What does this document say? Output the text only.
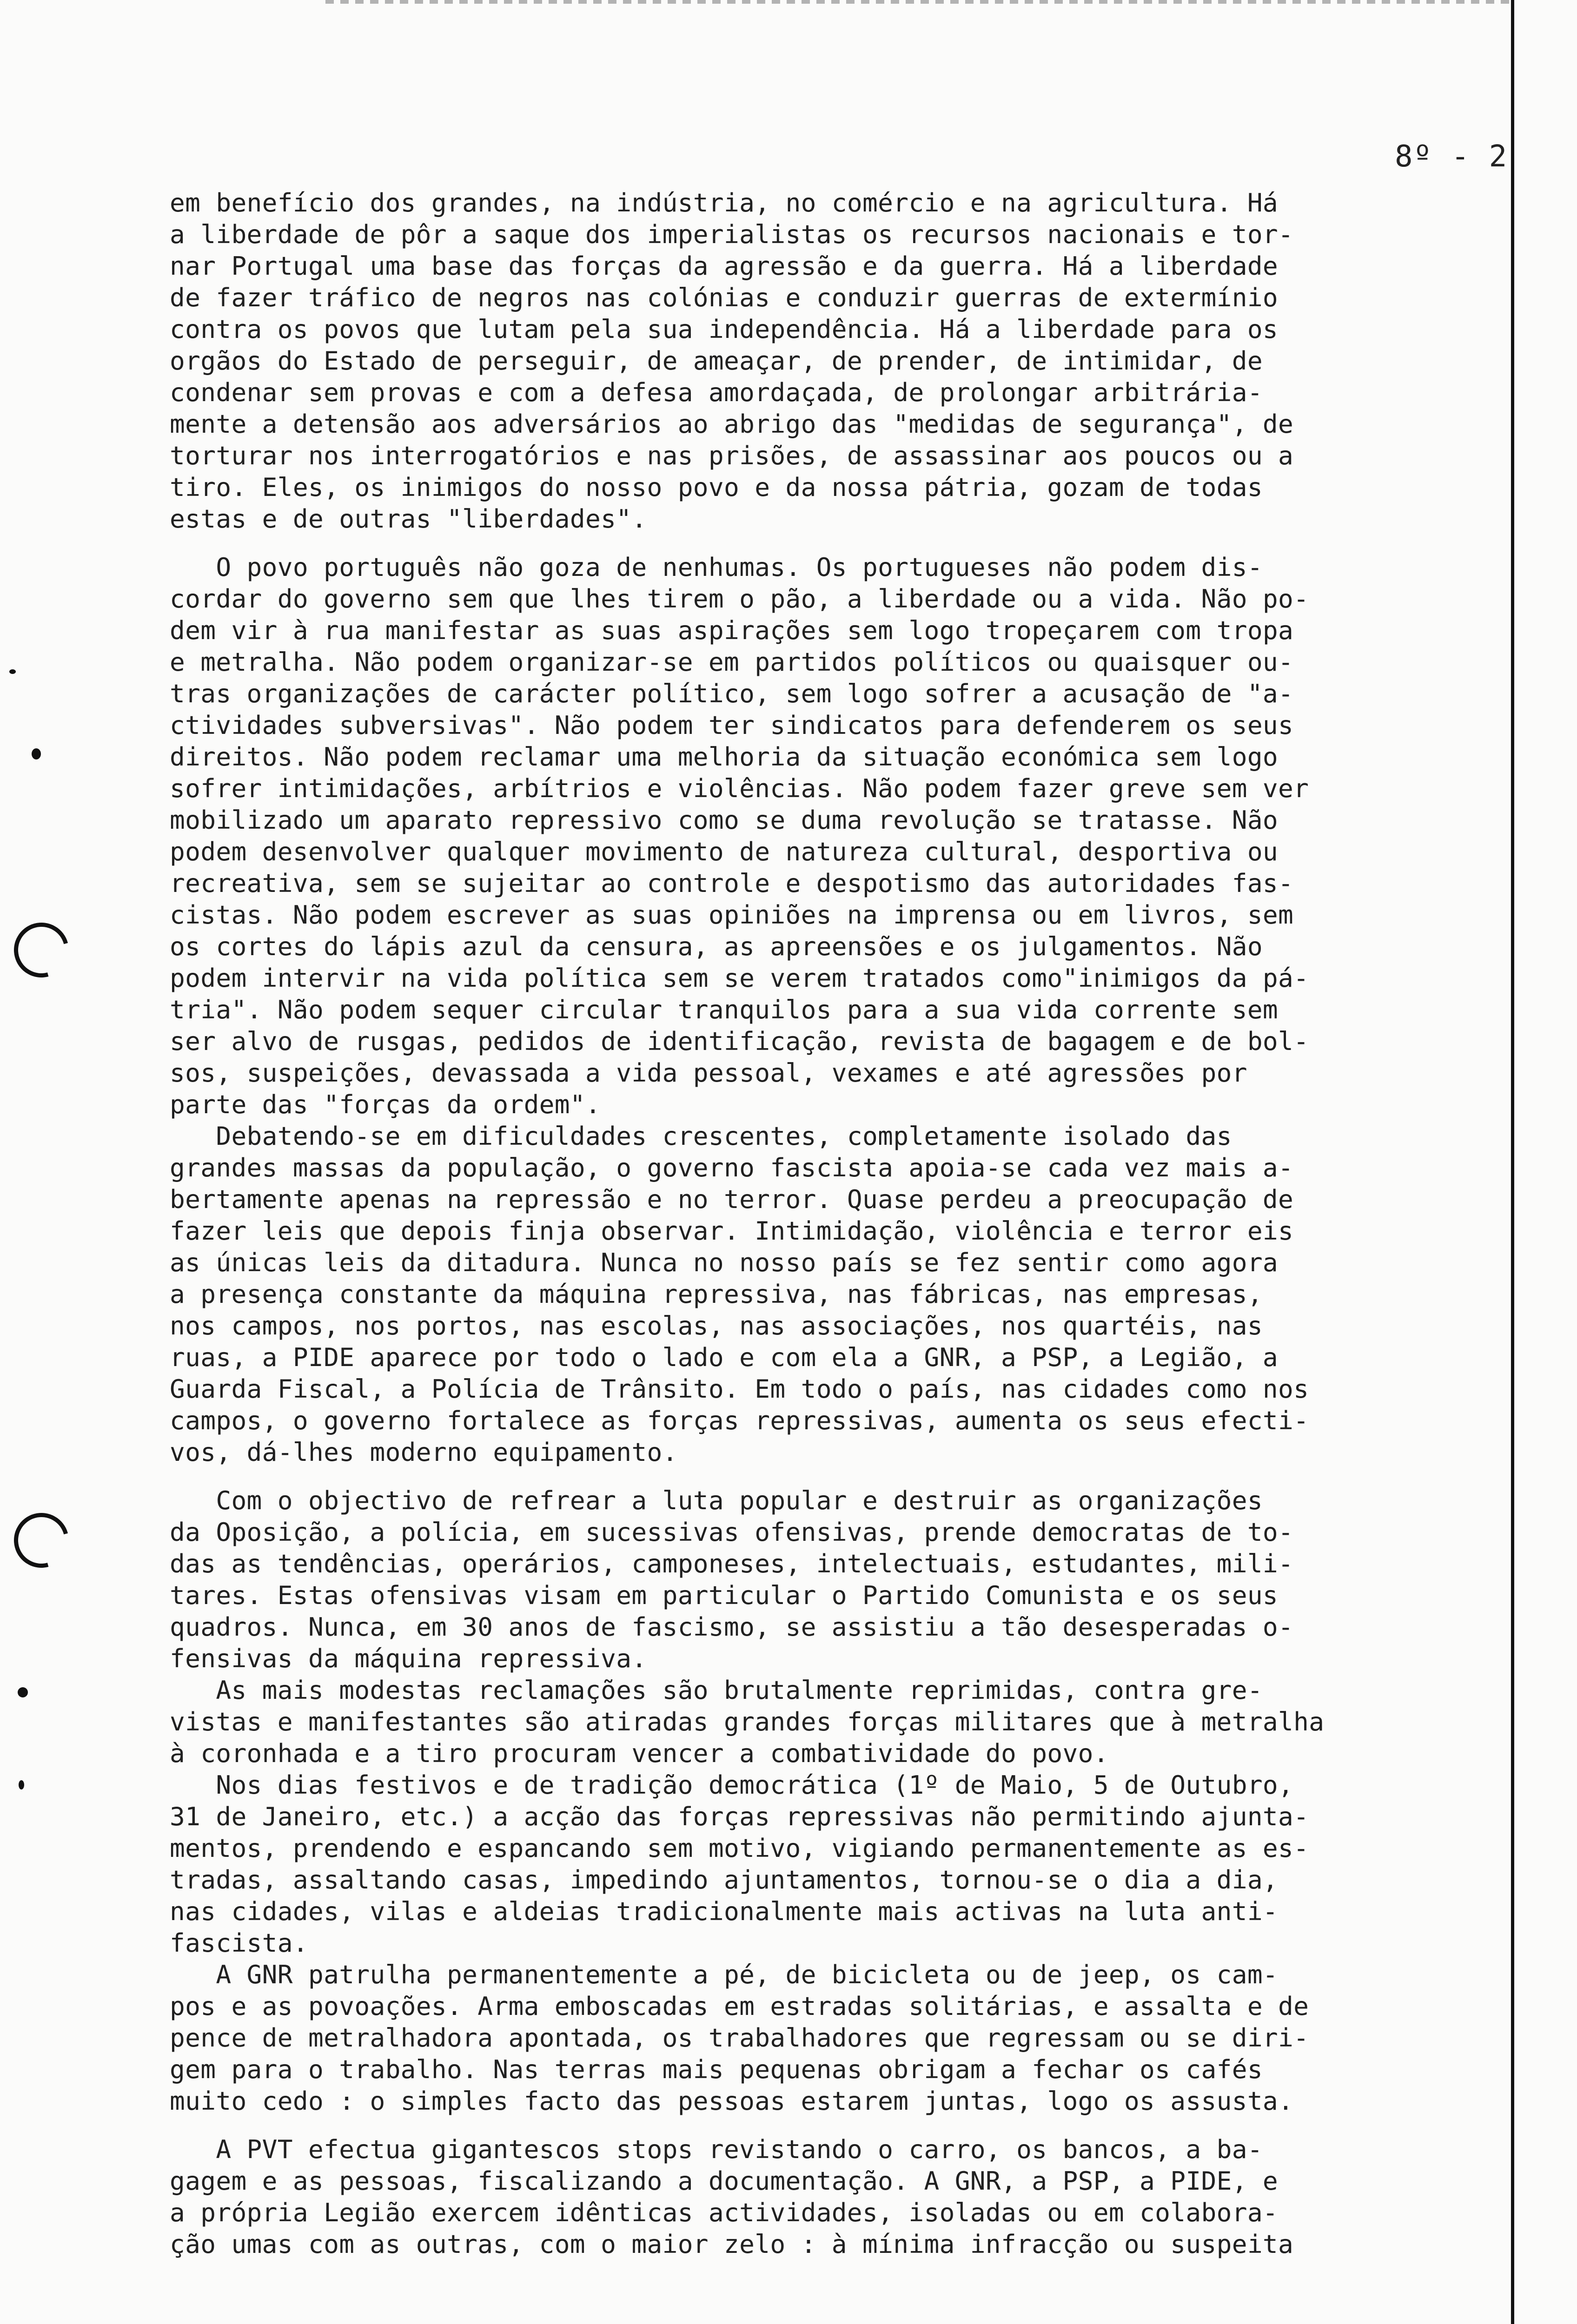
8º - 2
em benefício dos grandes, na indústria, no comércio e na agricultura. Há
a liberdade de pôr a saque dos imperialistas os recursos nacionais e tor-
nar Portugal uma base das forças da agressão e da guerra. Há a liberdade
de fazer tráfico de negros nas colónias e conduzir guerras de extermínio
contra os povos que lutam pela sua independência. Há a liberdade para os
orgãos do Estado de perseguir, de ameaçar, de prender, de intimidar, de
condenar sem provas e com a defesa amordaçada, de prolongar arbitrária-
mente a detensão aos adversários ao abrigo das "medidas de segurança", de
torturar nos interrogatórios e nas prisões, de assassinar aos poucos ou a
tiro. Eles, os inimigos do nosso povo e da nossa pátria, gozam de todas
estas e de outras "liberdades".
O povo português não goza de nenhumas. Os portugueses não podem dis-
cordar do governo sem que lhes tirem o pão, a liberdade ou a vida. Não po-
dem vir à rua manifestar as suas aspirações sem logo tropeçarem com tropa
e metralha. Não podem organizar-se em partidos políticos ou quaisquer ou-
tras organizações de carácter político, sem logo sofrer a acusação de "a-
ctividades subversivas". Não podem ter sindicatos para defenderem os seus
direitos. Não podem reclamar uma melhoria da situação económica sem logo
sofrer intimidações, arbítrios e violências. Não podem fazer greve sem ver
mobilizado um aparato repressivo como se duma revolução se tratasse. Não
podem desenvolver qualquer movimento de natureza cultural, desportiva ou
recreativa, sem se sujeitar ao controle e despotismo das autoridades fas-
cistas. Não podem escrever as suas opiniões na imprensa ou em livros, sem
os cortes do lápis azul da censura, as apreensões e os julgamentos. Não
podem intervir na vida política sem se verem tratados como"inimigos da pá-
tria". Não podem sequer circular tranquilos para a sua vida corrente sem
ser alvo de rusgas, pedidos de identificação, revista de bagagem e de bol-
sos, suspeições, devassada a vida pessoal, vexames e até agressões por
parte das "forças da ordem".
Debatendo-se em dificuldades crescentes, completamente isolado das
grandes massas da população, o governo fascista apoia-se cada vez mais a-
bertamente apenas na repressão e no terror. Quase perdeu a preocupação de
fazer leis que depois finja observar. Intimidação, violência e terror eis
as únicas leis da ditadura. Nunca no nosso país se fez sentir como agora
a presença constante da máquina repressiva, nas fábricas, nas empresas,
nos campos, nos portos, nas escolas, nas associações, nos quartéis, nas
ruas, a PIDE aparece por todo o lado e com ela a GNR, a PSP, a Legião, a
Guarda Fiscal, a Polícia de Trânsito. Em todo o país, nas cidades como nos
campos, o governo fortalece as forças repressivas, aumenta os seus efecti-
vos, dá-lhes moderno equipamento.
Com o objectivo de refrear a luta popular e destruir as organizações
da Oposição, a polícia, em sucessivas ofensivas, prende democratas de to-
das as tendências, operários, camponeses, intelectuais, estudantes, mili-
tares. Estas ofensivas visam em particular o Partido Comunista e os seus
quadros. Nunca, em 30 anos de fascismo, se assistiu a tão desesperadas o-
fensivas da máquina repressiva.
As mais modestas reclamações são brutalmente reprimidas, contra gre-
vistas e manifestantes são atiradas grandes forças militares que à metralha
à coronhada e a tiro procuram vencer a combatividade do povo.
Nos dias festivos e de tradição democrática (1º de Maio, 5 de Outubro,
31 de Janeiro, etc.) a acção das forças repressivas não permitindo ajunta-
mentos, prendendo e espancando sem motivo, vigiando permanentemente as es-
tradas, assaltando casas, impedindo ajuntamentos, tornou-se o dia a dia,
nas cidades, vilas e aldeias tradicionalmente mais activas na luta anti-
fascista.
A GNR patrulha permanentemente a pé, de bicicleta ou de jeep, os cam-
pos e as povoações. Arma emboscadas em estradas solitárias, e assalta e de
pence de metralhadora apontada, os trabalhadores que regressam ou se diri-
gem para o trabalho. Nas terras mais pequenas obrigam a fechar os cafés
muito cedo : o simples facto das pessoas estarem juntas, logo os assusta.
A PVT efectua gigantescos stops revistando o carro, os bancos, a ba-
gagem e as pessoas, fiscalizando a documentação. A GNR, a PSP, a PIDE, e
a própria Legião exercem idênticas actividades, isoladas ou em colabora-
ção umas com as outras, com o maior zelo : à mínima infracção ou suspeita
